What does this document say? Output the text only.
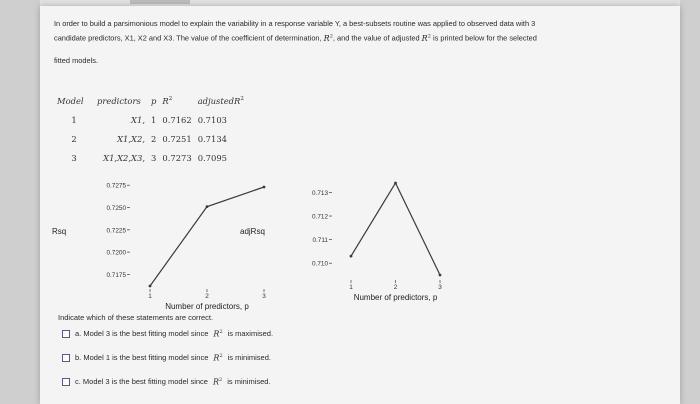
In order to build a parsimonious model to explain the variability in a response variable Y, a best-subsets routine was applied to observed data with 3

candidate predictors, X1, X2 and X3. The value of the coefficient of determination, $R^2$, and the value of adjusted $R^2$ is printed below for the selected

fitted models.
Model	predictors	p	$R^2$	adjustedR$^2$
1	X1,	1	0.7162	0.7103
2	X1,X2,	2	0.7251	0.7134
3	X1,X2,X3,	3	0.7273	0.7095
0.7275
0.7250
0.7225
0.7200
0.7175
1	2	3
Number of predictors, p
Rsq
0.713
0.712
0.711
0.710
1	2	3
Number of predictors, p
adjRsq
Indicate which of these statements are correct.
a. Model 3 is the best fitting model since $R^2$ is maximised.
b. Model 1 is the best fitting model since $R^2$ is minimised.
c. Model 3 is the best fitting model since $R^2$ is minimised.
